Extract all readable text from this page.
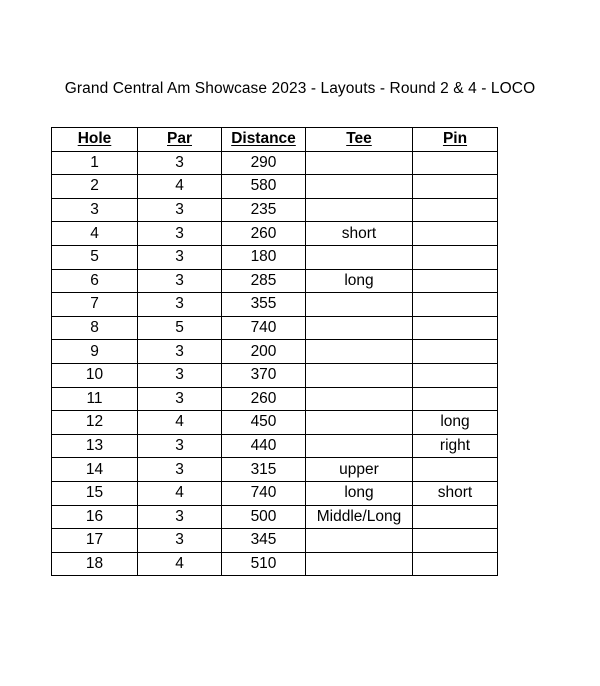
Grand Central Am Showcase 2023 - Layouts - Round 2 & 4 - LOCO
Hole	Par	Distance	Tee	Pin
1	3	290		
2	4	580		
3	3	235		
4	3	260	short	
5	3	180		
6	3	285	long	
7	3	355		
8	5	740		
9	3	200		
10	3	370		
11	3	260		
12	4	450		long
13	3	440		right
14	3	315	upper	
15	4	740	long	short
16	3	500	Middle/Long	
17	3	345		
18	4	510		
